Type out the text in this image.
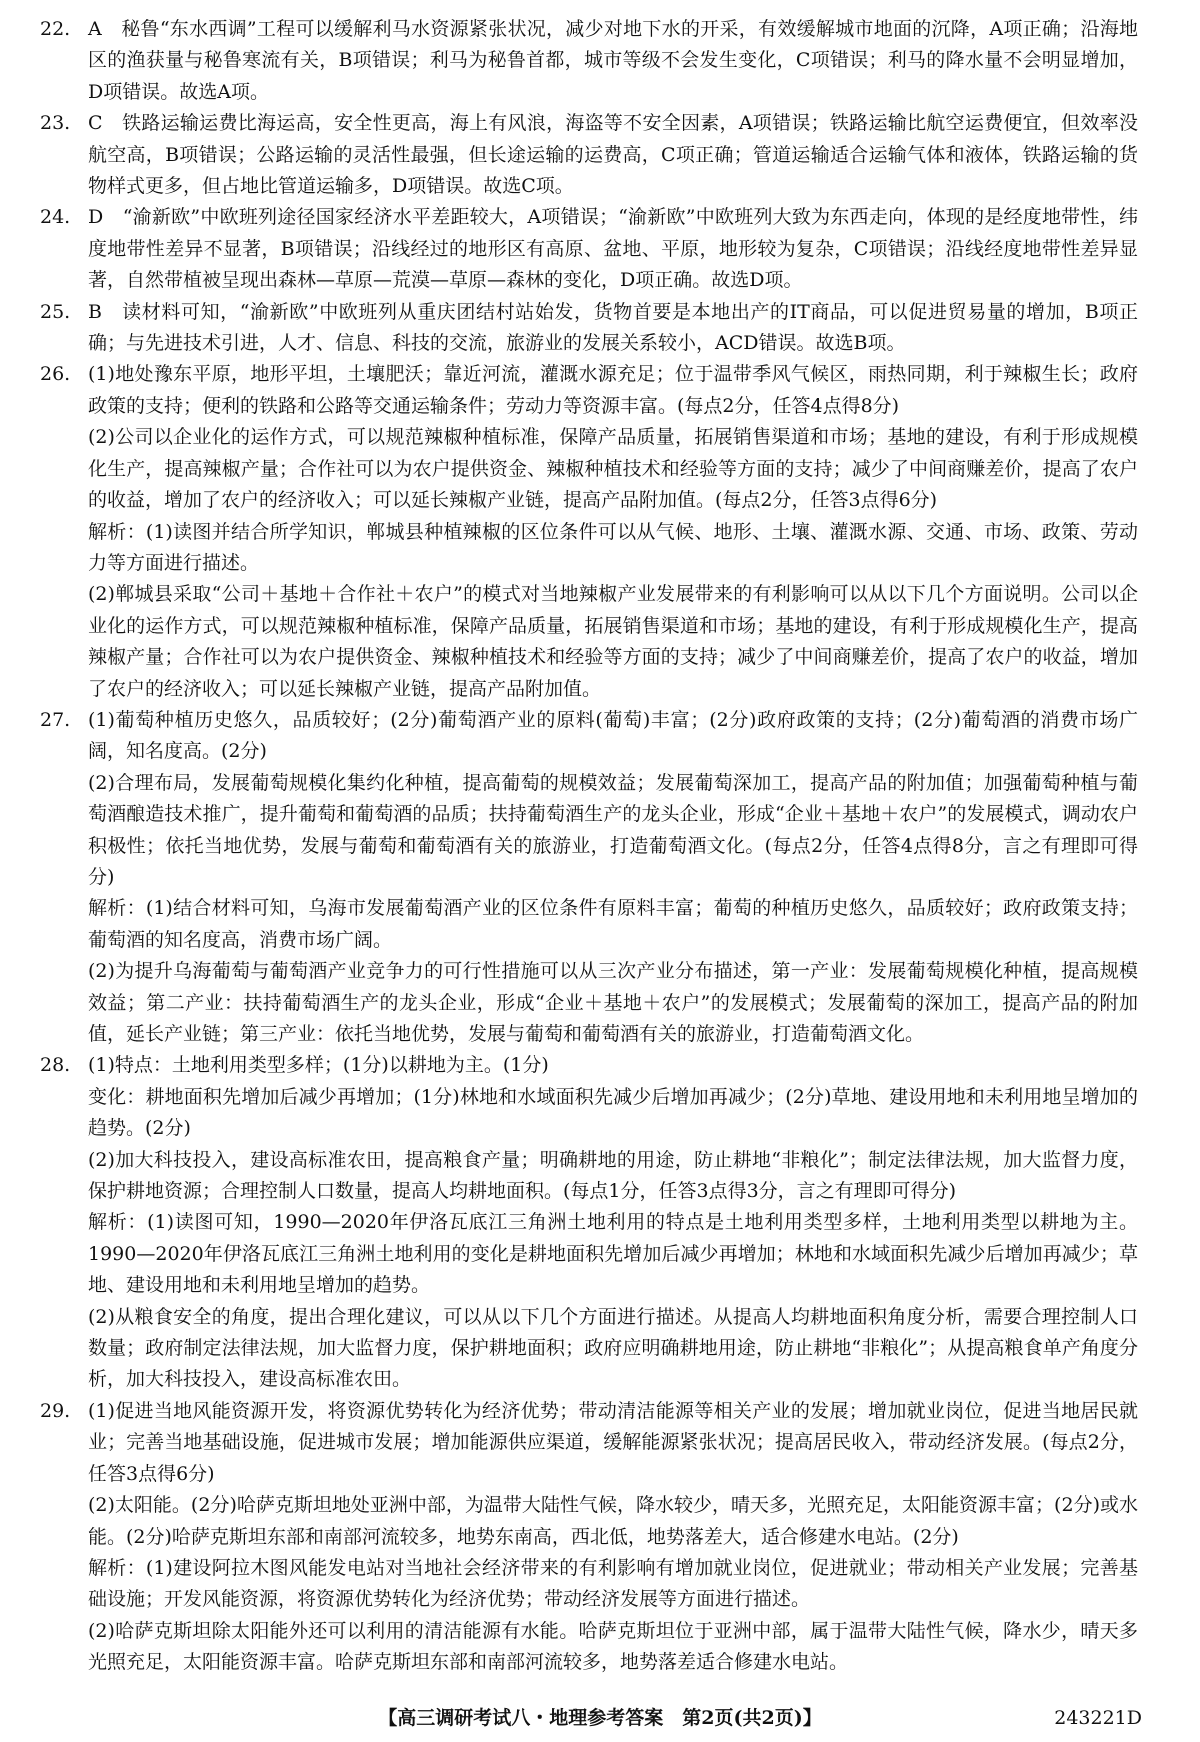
22. A　秘鲁“东水西调”工程可以缓解利马水资源紧张状况，减少对地下水的开采，有效缓解城市地面的沉降，A项正确；沿海地区的渔获量与秘鲁寒流有关，B项错误；利马为秘鲁首都，城市等级不会发生变化，C项错误；利马的降水量不会明显增加，D项错误。故选A项。

23. C　铁路运输运费比海运高，安全性更高，海上有风浪，海盗等不安全因素，A项错误；铁路运输比航空运费便宜，但效率没航空高，B项错误；公路运输的灵活性最强，但长途运输的运费高，C项正确；管道运输适合运输气体和液体，铁路运输的货物样式更多，但占地比管道运输多，D项错误。故选C项。

24. D　“渝新欧”中欧班列途径国家经济水平差距较大，A项错误；“渝新欧”中欧班列大致为东西走向，体现的是经度地带性，纬度地带性差异不显著，B项错误；沿线经过的地形区有高原、盆地、平原，地形较为复杂，C项错误；沿线经度地带性差异显著，自然带植被呈现出森林—草原—荒漠—草原—森林的变化，D项正确。故选D项。

25. B　读材料可知，“渝新欧”中欧班列从重庆团结村站始发，货物首要是本地出产的IT商品，可以促进贸易量的增加，B项正确；与先进技术引进，人才、信息、科技的交流，旅游业的发展关系较小，ACD错误。故选B项。

26. (1)地处豫东平原，地形平坦，土壤肥沃；靠近河流，灌溉水源充足；位于温带季风气候区，雨热同期，利于辣椒生长；政府政策的支持；便利的铁路和公路等交通运输条件；劳动力等资源丰富。(每点2分，任答4点得8分)

(2)公司以企业化的运作方式，可以规范辣椒种植标准，保障产品质量，拓展销售渠道和市场；基地的建设，有利于形成规模化生产，提高辣椒产量；合作社可以为农户提供资金、辣椒种植技术和经验等方面的支持；减少了中间商赚差价，提高了农户的收益，增加了农户的经济收入；可以延长辣椒产业链，提高产品附加值。(每点2分，任答3点得6分)

解析：(1)读图并结合所学知识，郸城县种植辣椒的区位条件可以从气候、地形、土壤、灌溉水源、交通、市场、政策、劳动力等方面进行描述。

(2)郸城县采取“公司＋基地＋合作社＋农户”的模式对当地辣椒产业发展带来的有利影响可以从以下几个方面说明。公司以企业化的运作方式，可以规范辣椒种植标准，保障产品质量，拓展销售渠道和市场；基地的建设，有利于形成规模化生产，提高辣椒产量；合作社可以为农户提供资金、辣椒种植技术和经验等方面的支持；减少了中间商赚差价，提高了农户的收益，增加了农户的经济收入；可以延长辣椒产业链，提高产品附加值。

27. (1)葡萄种植历史悠久，品质较好；(2分)葡萄酒产业的原料(葡萄)丰富；(2分)政府政策的支持；(2分)葡萄酒的消费市场广阔，知名度高。(2分)

(2)合理布局，发展葡萄规模化集约化种植，提高葡萄的规模效益；发展葡萄深加工，提高产品的附加值；加强葡萄种植与葡萄酒酿造技术推广，提升葡萄和葡萄酒的品质；扶持葡萄酒生产的龙头企业，形成“企业＋基地＋农户”的发展模式，调动农户积极性；依托当地优势，发展与葡萄和葡萄酒有关的旅游业，打造葡萄酒文化。(每点2分，任答4点得8分，言之有理即可得分)

解析：(1)结合材料可知，乌海市发展葡萄酒产业的区位条件有原料丰富；葡萄的种植历史悠久，品质较好；政府政策支持；葡萄酒的知名度高，消费市场广阔。

(2)为提升乌海葡萄与葡萄酒产业竞争力的可行性措施可以从三次产业分布描述，第一产业：发展葡萄规模化种植，提高规模效益；第二产业：扶持葡萄酒生产的龙头企业，形成“企业＋基地＋农户”的发展模式；发展葡萄的深加工，提高产品的附加值，延长产业链；第三产业：依托当地优势，发展与葡萄和葡萄酒有关的旅游业，打造葡萄酒文化。

28. (1)特点：土地利用类型多样；(1分)以耕地为主。(1分)

变化：耕地面积先增加后减少再增加；(1分)林地和水域面积先减少后增加再减少；(2分)草地、建设用地和未利用地呈增加的趋势。(2分)

(2)加大科技投入，建设高标准农田，提高粮食产量；明确耕地的用途，防止耕地“非粮化”；制定法律法规，加大监督力度，保护耕地资源；合理控制人口数量，提高人均耕地面积。(每点1分，任答3点得3分，言之有理即可得分)

解析：(1)读图可知，1990—2020年伊洛瓦底江三角洲土地利用的特点是土地利用类型多样，土地利用类型以耕地为主。1990—2020年伊洛瓦底江三角洲土地利用的变化是耕地面积先增加后减少再增加；林地和水域面积先减少后增加再减少；草地、建设用地和未利用地呈增加的趋势。

(2)从粮食安全的角度，提出合理化建议，可以从以下几个方面进行描述。从提高人均耕地面积角度分析，需要合理控制人口数量；政府制定法律法规，加大监督力度，保护耕地面积；政府应明确耕地用途，防止耕地“非粮化”；从提高粮食单产角度分析，加大科技投入，建设高标准农田。

29. (1)促进当地风能资源开发，将资源优势转化为经济优势；带动清洁能源等相关产业的发展；增加就业岗位，促进当地居民就业；完善当地基础设施，促进城市发展；增加能源供应渠道，缓解能源紧张状况；提高居民收入，带动经济发展。(每点2分，任答3点得6分)

(2)太阳能。(2分)哈萨克斯坦地处亚洲中部，为温带大陆性气候，降水较少，晴天多，光照充足，太阳能资源丰富；(2分)或水能。(2分)哈萨克斯坦东部和南部河流较多，地势东南高，西北低，地势落差大，适合修建水电站。(2分)

解析：(1)建设阿拉木图风能发电站对当地社会经济带来的有利影响有增加就业岗位，促进就业；带动相关产业发展；完善基础设施；开发风能资源，将资源优势转化为经济优势；带动经济发展等方面进行描述。

(2)哈萨克斯坦除太阳能外还可以利用的清洁能源有水能。哈萨克斯坦位于亚洲中部，属于温带大陆性气候，降水少，晴天多光照充足，太阳能资源丰富。哈萨克斯坦东部和南部河流较多，地势落差适合修建水电站。

【高三调研考试八・地理参考答案　第2页(共2页)】	243221D
